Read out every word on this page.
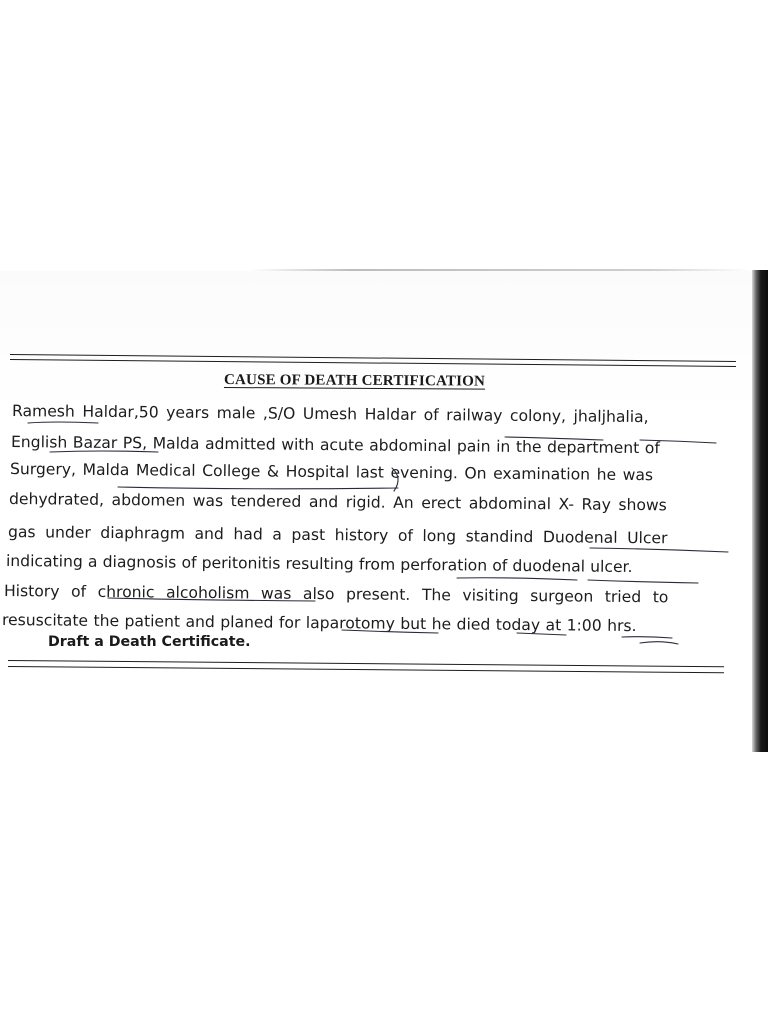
CAUSE OF DEATH CERTIFICATION
Ramesh Haldar,50 years male ,S/O Umesh Haldar of railway colony, jhaljhalia,
English Bazar PS, Malda admitted with acute abdominal pain in the department of
Surgery, Malda Medical College & Hospital last evening. On examination he was
dehydrated, abdomen was tendered and rigid. An erect abdominal X- Ray shows
gas under diaphragm and had a past history of long standind Duodenal Ulcer
indicating a diagnosis of peritonitis resulting from perforation of duodenal ulcer.
History of chronic alcoholism was also present. The visiting surgeon tried to
resuscitate the patient and planed for laparotomy but he died today at 1:00 hrs.
Draft a Death Certificate.
